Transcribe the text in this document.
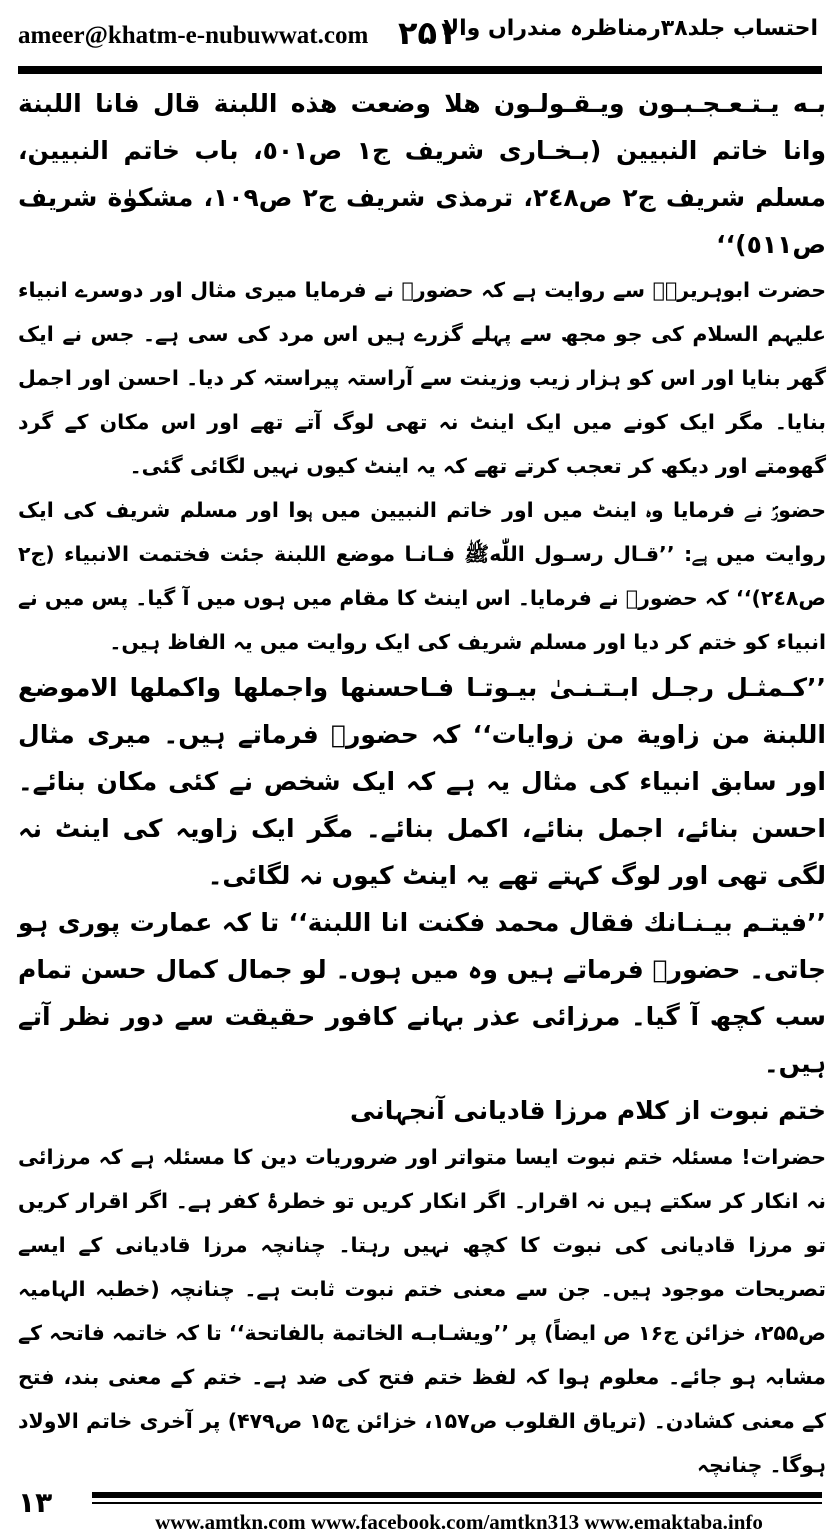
ameer@khatm-e-nubuwwat.com ۲۵۱
احتساب جلد۳۸رمناظرہ مندراں والا

بـه يـتـعـجـبـون ويـقـولـون هلا وضعت هذه اللبنة قال فانا اللبنة وانا خاتم النبيين (بـخـارى شريف ج١ ص٥٠١، باب خاتم النبيين، مسلم شريف ج٢ ص٢٤٨، ترمذى شريف ج٢ ص١٠٩، مشكوٰة شريف ص٥١١)‘‘

حضرت ابوہریرہؓ سے روایت ہے کہ حضورؐ نے فرمایا میری مثال اور دوسرے انبیاء علیہم السلام کی جو مجھ سے پہلے گزرے ہیں اس مرد کی سی ہے۔ جس نے ایک گھر بنایا اور اس کو ہزار زیب وزینت سے آراستہ پیراستہ کر دیا۔ احسن اور اجمل بنایا۔ مگر ایک کونے میں ایک اینٹ نہ تھی لوگ آتے تھے اور اس مکان کے گرد گھومتے اور دیکھ کر تعجب کرتے تھے کہ یہ اینٹ کیوں نہیں لگائی گئی۔

حضورؐ نے فرمایا وہ اینٹ میں اور خاتم النبیین میں ہوا اور مسلم شریف کی ایک روایت میں ہے: ’’قـال رسـول اللّٰهﷺ فـانـا موضع اللبنة جئت فختمت الانبياء (ج٢ ص٢٤٨)‘‘ کہ حضورؐ نے فرمایا۔ اس اینٹ کا مقام میں ہوں میں آ گیا۔ پس میں نے انبیاء کو ختم کر دیا اور مسلم شریف کی ایک روایت میں یہ الفاظ ہیں۔

’’كـمثـل رجـل ابـتـنـىٰ بيـوتـا فـاحسنها واجملها واكملها الاموضع اللبنة من زاوية من زوايات‘‘ کہ حضورؐ فرماتے ہیں۔ میری مثال اور سابق انبیاء کی مثال یہ ہے کہ ایک شخص نے کئی مکان بنائے۔ احسن بنائے، اجمل بنائے، اکمل بنائے۔ مگر ایک زاویہ کی اینٹ نہ لگی تھی اور لوگ کہتے تھے یہ اینٹ کیوں نہ لگائی۔

’’فيتـم بيـنـانك فقال محمد فكنت انا اللبنة‘‘ تا کہ عمارت پوری ہو جاتی۔ حضورؐ فرماتے ہیں وہ میں ہوں۔ لو جمال کمال حسن تمام سب کچھ آ گیا۔ مرزائی عذر بہانے کافور حقیقت سے دور نظر آتے ہیں۔

ختم نبوت از کلام مرزا قادیانی آنجہانی

حضرات! مسئلہ ختم نبوت ایسا متواتر اور ضروریات دین کا مسئلہ ہے کہ مرزائی نہ انکار کر سکتے ہیں نہ اقرار۔ اگر انکار کریں تو خطرۂ کفر ہے۔ اگر اقرار کریں تو مرزا قادیانی کی نبوت کا کچھ نہیں رہتا۔ چنانچہ مرزا قادیانی کے ایسے تصریحات موجود ہیں۔ جن سے معنی ختم نبوت ثابت ہے۔ چنانچہ (خطبہ الہامیہ ص۲۵۵، خزائن ج۱۶ ص ایضاً) پر ’’ويشـابـه الخاتمة بالفاتحة‘‘ تا کہ خاتمہ فاتحہ کے مشابہ ہو جائے۔ معلوم ہوا کہ لفظ ختم فتح کی ضد ہے۔ ختم کے معنی بند، فتح کے معنی کشادن۔ (تریاق القلوب ص۱۵۷، خزائن ج۱۵ ص۴۷۹) پر آخری خاتم الاولاد ہوگا۔ چنانچہ

۱۳
www.amtkn.com www.facebook.com/amtkn313 www.emaktaba.info
